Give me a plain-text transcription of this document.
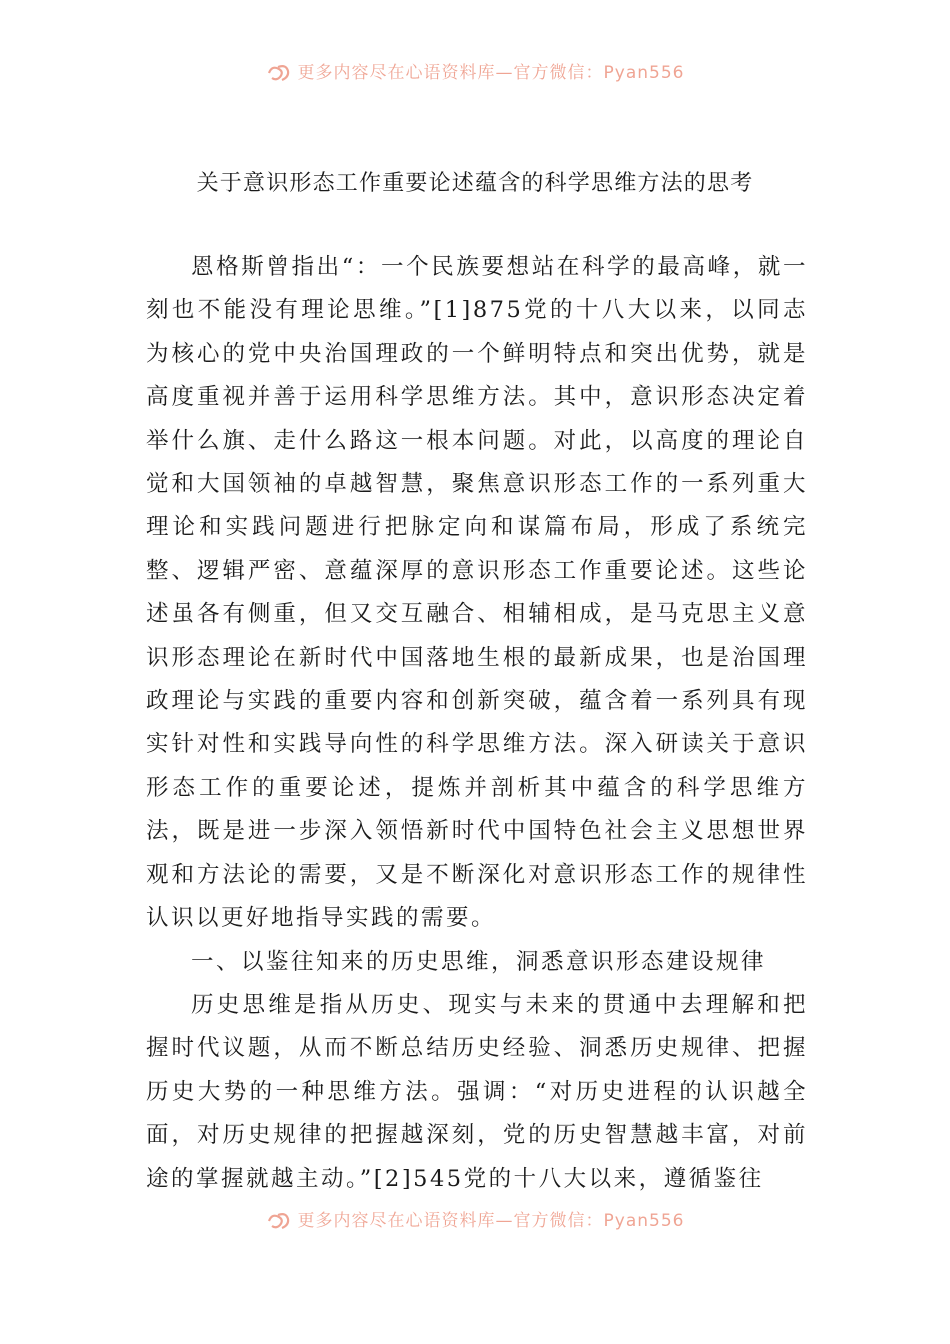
更多内容尽在心语资料库—官方微信：Pyan556
关于意识形态工作重要论述蕴含的科学思维方法的思考

恩格斯曾指出“：一个民族要想站在科学的最高峰，就一刻也不能没有理论思维。”[1]875党的十八大以来，以同志为核心的党中央治国理政的一个鲜明特点和突出优势，就是高度重视并善于运用科学思维方法。其中，意识形态决定着举什么旗、走什么路这一根本问题。对此，以高度的理论自觉和大国领袖的卓越智慧，聚焦意识形态工作的一系列重大理论和实践问题进行把脉定向和谋篇布局，形成了系统完整、逻辑严密、意蕴深厚的意识形态工作重要论述。这些论述虽各有侧重，但又交互融合、相辅相成，是马克思主义意识形态理论在新时代中国落地生根的最新成果，也是治国理政理论与实践的重要内容和创新突破，蕴含着一系列具有现实针对性和实践导向性的科学思维方法。深入研读关于意识形态工作的重要论述，提炼并剖析其中蕴含的科学思维方法，既是进一步深入领悟新时代中国特色社会主义思想世界观和方法论的需要，又是不断深化对意识形态工作的规律性认识以更好地指导实践的需要。

一、以鉴往知来的历史思维，洞悉意识形态建设规律

历史思维是指从历史、现实与未来的贯通中去理解和把握时代议题，从而不断总结历史经验、洞悉历史规律、把握历史大势的一种思维方法。强调：“对历史进程的认识越全面，对历史规律的把握越深刻，党的历史智慧越丰富，对前途的掌握就越主动。”[2]545党的十八大以来，遵循鉴往

更多内容尽在心语资料库—官方微信：Pyan556
